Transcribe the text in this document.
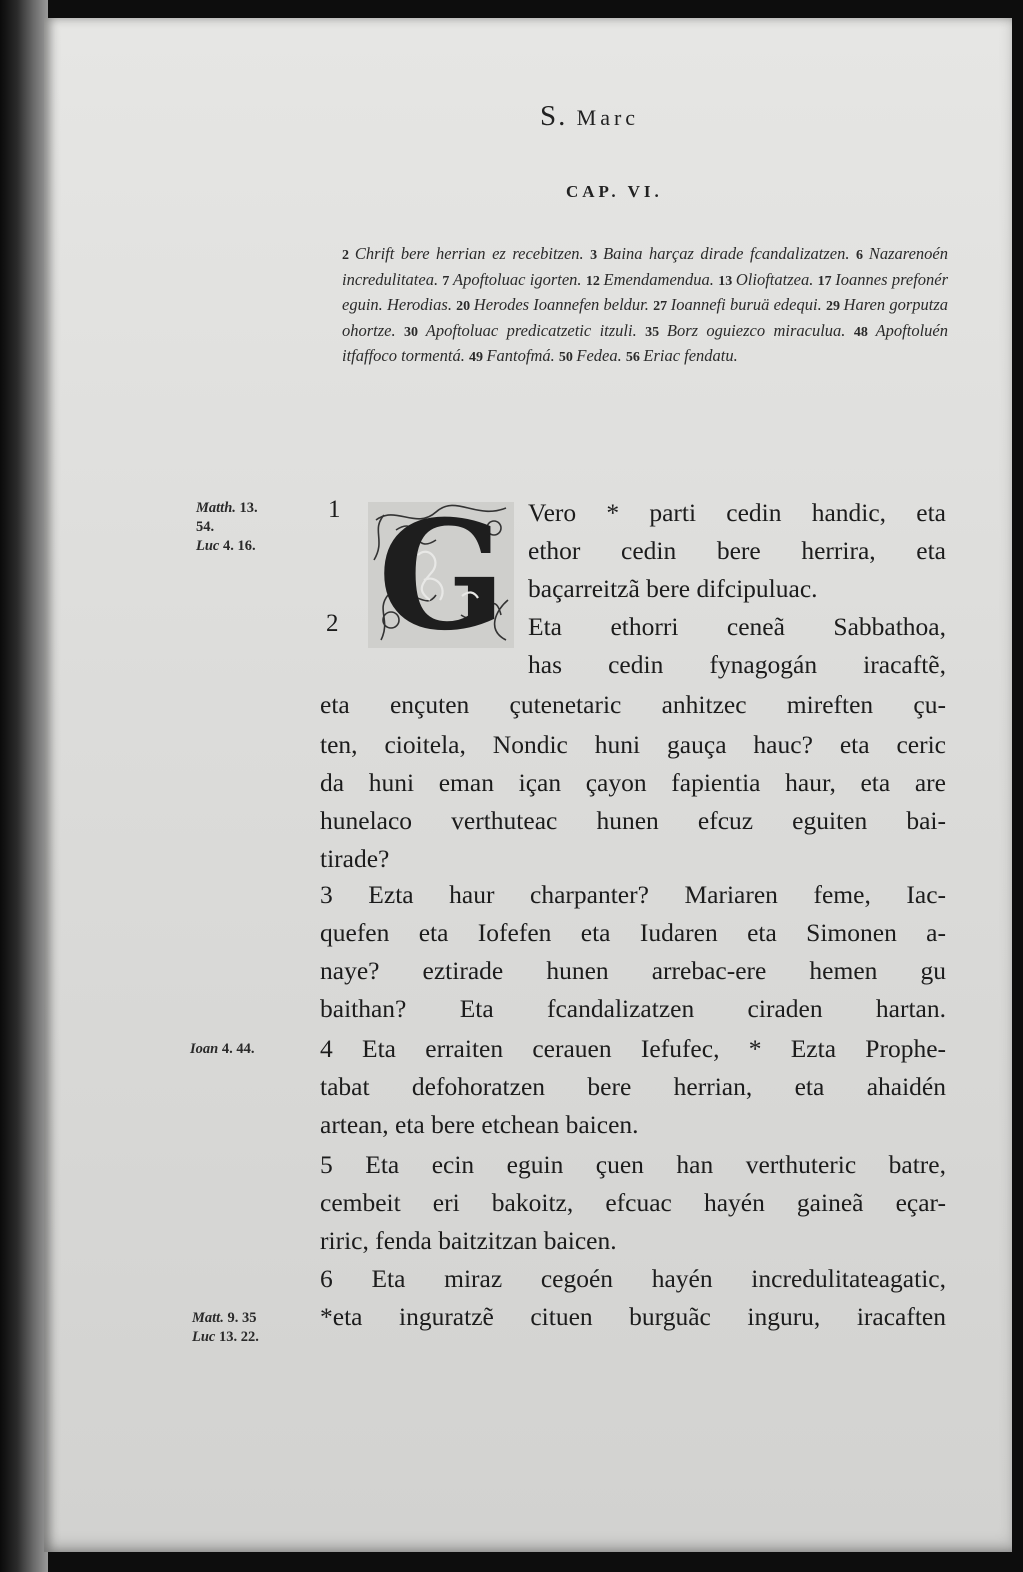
S. Marc
CAP. VI.
2 Chrift bere herrian ez recebitzen. 3 Baina harçaz dirade fcandalizatzen. 6 Nazarenoén incredulitatea. 7 Apoftoluac igorten. 12 Emendamendua. 13 Olioftatzea. 17 Ioannes prefonér eguin. Herodias. 20 Herodes Ioannefen beldur. 27 Ioannefi buruä edequi. 29 Haren gorputza ohortze. 30 Apoftoluac predicatzetic itzuli. 35 Borz oguiezco miraculua. 48 Apoftoluén itfaffoco tormentá. 49 Fantofmá. 50 Fedea. 56 Eriac fendatu.
Matth. 13.
54.
Luc 4. 16.
Ioan 4. 44.
Matt. 9. 35
Luc 13. 22.
1
2 G Vero * parti cedin handic, eta
ethor cedin bere herrira, eta
baçarreitzã bere difcipuluac.
Eta ethorri ceneã Sabbathoa,
has cedin fynagogán iracaftẽ,
eta ençuten çutenetaric anhitzec mireften çu-
ten, cioitela, Nondic huni gauça hauc? eta ceric
da huni eman içan çayon fapientia haur, eta are
hunelaco verthuteac hunen efcuz eguiten bai-
tirade?
3 Ezta haur charpanter? Mariaren feme, Iac-
quefen eta Iofefen eta Iudaren eta Simonen a-
naye? eztirade hunen arrebac-ere hemen gu
baithan? Eta fcandalizatzen ciraden hartan.
4 Eta erraiten cerauen Iefufec, * Ezta Prophe-
tabat defohoratzen bere herrian, eta ahaidén
artean, eta bere etchean baicen.
5 Eta ecin eguin çuen han verthuteric batre,
cembeit eri bakoitz, efcuac hayén gaineã eçar-
riric, fenda baitzitzan baicen.
6 Eta miraz cegoén hayén incredulitateagatic,
*eta inguratzẽ cituen burguãc inguru, iracaften
